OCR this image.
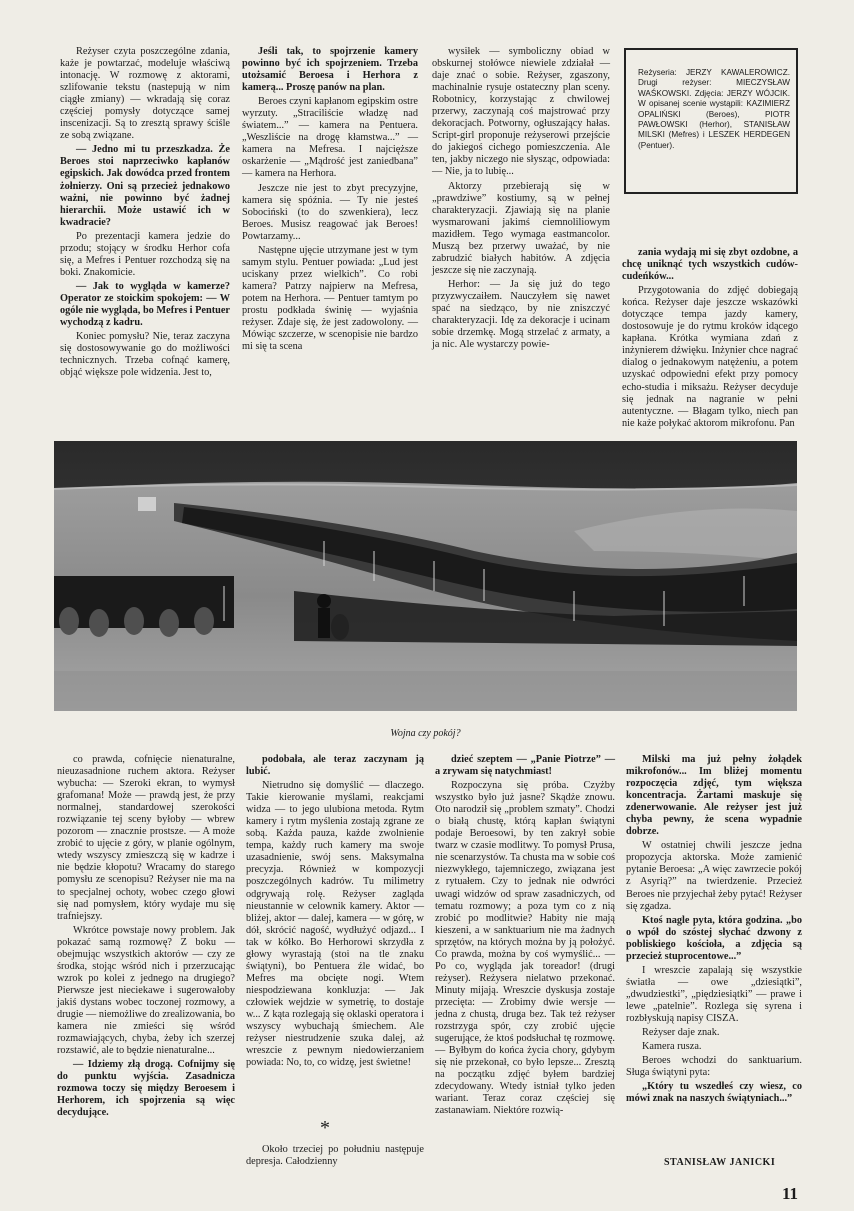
Reżyser czyta poszczególne zdania, każe je powtarzać, modeluje właściwą intonację. W rozmowę z aktorami, szlifowanie tekstu (nastepują w nim ciągłe zmiany) — wkradają się coraz częściej pomysły dotyczące samej inscenizacji. Są to zresztą sprawy ściśle ze sobą związane.

— Jedno mi tu przeszkadza. Że Beroes stoi naprzeciwko kapłanów egipskich. Jak dowódca przed frontem żołnierzy. Oni są przecież jednakowo ważni, nie powinno być żadnej hierarchii. Może ustawić ich w kwadracie?

Po prezentacji kamera jedzie do przodu; stojący w środku Herhor cofa się, a Mefres i Pentuer rozchodzą się na boki. Znakomicie.

— Jak to wygląda w kamerze? Operator ze stoickim spokojem: — W ogóle nie wygląda, bo Mefres i Pentuer wychodzą z kadru.

Koniec pomysłu? Nie, teraz zaczyna się dostosowywanie go do możliwości technicznych. Trzeba cofnąć kamerę, objąć większe pole widzenia. Jest to,

Jeśli tak, to spojrzenie kamery powinno być ich spojrzeniem. Trzeba utożsamić Beroesa i Herhora z kamerą... Proszę panów na plan.

Beroes czyni kapłanom egipskim ostre wyrzuty. „Straciliście władzę nad światem...” — kamera na Pentuera. „Weszliście na drogę kłamstwa...” — kamera na Mefresa. I najcięższe oskarżenie — „Mądrość jest zaniedbana” — kamera na Herhora.

Jeszcze nie jest to zbyt precyzyjne, kamera się spóźnia. — Ty nie jesteś Sobociński (to do szwenkiera), lecz Beroes. Musisz reagować jak Beroes! Powtarzamy...

Następne ujęcie utrzymane jest w tym samym stylu. Pentuer powiada: „Lud jest uciskany przez wielkich”. Co robi kamera? Patrzy najpierw na Mefresa, potem na Herhora. — Pentuer tamtym po prostu podkłada świnię — wyjaśnia reżyser. Zdaje się, że jest zadowolony. — Mówiąc szczerze, w scenopisie nie bardzo mi się ta scena

wysiłek — symboliczny obiad w obskurnej stołówce niewiele zdziałał — daje znać o sobie. Reżyser, zgaszony, machinalnie rysuje ostateczny plan sceny. Robotnicy, korzystając z chwilowej przerwy, zaczynają coś majstrować przy dekoracjach. Potworny, ogłuszający hałas. Script-girl proponuje reżyserowi przejście do jakiegoś cichego pomieszczenia. Ale ten, jakby niczego nie słysząc, odpowiada: — Nie, ja to lubię...

Aktorzy przebierają się w „prawdziwe” kostiumy, są w pełnej charakteryzacji. Zjawiają się na planie wysmarowani jakimś ciemnoliliowym mazidłem. Tego wymaga eastmancolor. Muszą bez przerwy uważać, by nie zabrudzić białych habitów. A zdjęcia jeszcze się nie zaczynają.

Herhor: — Ja się już do tego przyzwyczaiłem. Nauczyłem się nawet spać na siedząco, by nie zniszczyć charakteryzacji. Idę za dekoracje i ucinam sobie drzemkę. Mogą strzelać z armaty, a ja nic. Ale wystarczy powie-

Reżyseria: JERZY KAWALEROWICZ. Drugi reżyser: MIECZYSŁAW WAŚKOWSKI. Zdjęcia: JERZY WÓJCIK. W opisanej scenie wystąpili: KAZIMIERZ OPALIŃSKI (Beroes), PIOTR PAWŁOWSKI (Herhor), STANISŁAW MILSKI (Mefres) i LESZEK HERDEGEN (Pentuer).

zania wydają mi się zbyt ozdobne, a chcę uniknąć tych wszystkich cudów-cudeńków...

Przygotowania do zdjęć dobiegają końca. Reżyser daje jeszcze wskazówki dotyczące tempa jazdy kamery, dostosowuje je do rytmu kroków idącego kapłana. Krótka wymiana zdań z inżynierem dźwięku. Inżynier chce nagrać dialog o jednakowym natężeniu, a potem uzyskać odpowiedni efekt przy pomocy echo-studia i miksażu. Reżyser decyduje się jednak na nagranie w pełni autentyczne. — Błagam tylko, niech pan nie każe połykać aktorom mikrofonu. Pan

Wojna czy pokój?

co prawda, cofnięcie nienaturalne, nieuzasadnione ruchem aktora. Reżyser wybucha: — Szeroki ekran, to wymysł grafomana! Może — prawdą jest, że przy normalnej, standardowej szerokości rozwiązanie tej sceny byłoby — wbrew pozorom — znacznie prostsze. — A może zrobić to ujęcie z góry, w planie ogólnym, wtedy wszyscy zmieszczą się w kadrze i nie będzie kłopotu? Wracamy do starego pomysłu ze scenopisu? Reżyser nie ma na to specjalnej ochoty, wobec czego głowi się nad pomysłem, który wydaje mu się trafniejszy.

Wkrótce powstaje nowy problem. Jak pokazać samą rozmowę? Z boku — obejmując wszystkich aktorów — czy ze środka, stojąc wśród nich i przerzucając wzrok po kolei z jednego na drugiego? Pierwsze jest nieciekawe i sugerowałoby jakiś dystans wobec toczonej rozmowy, a drugie — niemożliwe do zrealizowania, bo kamera nie zmieści się wśród rozmawiających, chyba, żeby ich szerzej rozstawić, ale to będzie nienaturalne...

— Idziemy złą drogą. Cofnijmy się do punktu wyjścia. Zasadnicza rozmowa toczy się między Beroesem i Herhorem, ich spojrzenia są więc decydujące.

podobała, ale teraz zaczynam ją lubić.

Nietrudno się domyślić — dlaczego. Takie kierowanie myślami, reakcjami widza — to jego ulubiona metoda. Rytm kamery i rytm myślenia zostają zgrane ze sobą. Każda pauza, każde zwolnienie tempa, każdy ruch kamery ma swoje uzasadnienie, swój sens. Maksymalna precyzja. Również w kompozycji poszczególnych kadrów. Tu milimetry odgrywają rolę. Reżyser zagląda nieustannie w celownik kamery. Aktor — bliżej, aktor — dalej, kamera — w górę, w dół, skrócić nagość, wydłużyć odjazd... I tak w kółko. Bo Herhorowi skrzydła z głowy wyrastają (stoi na tle znaku świątyni), bo Pentuera źle widać, bo Mefres ma obcięte nogi. Wtem niespodziewana konkluzja: — Jak człowiek wejdzie w symetrię, to dostaje w... Z kąta rozlegają się oklaski operatora i wszyscy wybuchają śmiechem. Ale reżyser niestrudzenie szuka dalej, aż wreszcie z pewnym niedowierzaniem powiada: No, to, co widzę, jest świetne!

*

Około trzeciej po południu następuje depresja. Całodzienny

dzieć szeptem — „Panie Piotrze” — a zrywam się natychmiast!

Rozpoczyna się próba. Czyżby wszystko było już jasne? Skądże znowu. Oto narodził się „problem szmaty”. Chodzi o białą chustę, którą kapłan świątyni podaje Beroesowi, by ten zakrył sobie twarz w czasie modlitwy. To pomysł Prusa, nie scenarzystów. Ta chusta ma w sobie coś niezwykłego, tajemniczego, związana jest z rytuałem. Czy to jednak nie odwróci uwagi widzów od spraw zasadniczych, od tematu rozmowy; a poza tym co z nią zrobić po modlitwie? Habity nie mają kieszeni, a w sanktuarium nie ma żadnych sprzętów, na których można by ją położyć. Co prawda, można by coś wymyślić... — Po co, wygląda jak toreador! (drugi reżyser). Reżysera nielatwo przekonać. Minuty mijają. Wreszcie dyskusja zostaje przecięta: — Zrobimy dwie wersje — jedna z chustą, druga bez. Tak też reżyser rozstrzyga spór, czy zrobić ujęcie sugerujące, że ktoś podsłuchał tę rozmowę. — Byłbym do końca życia chory, gdybym się nie przekonał, co było lepsze... Zresztą na początku zdjęć byłem bardziej zdecydowany. Wtedy istniał tylko jeden wariant. Teraz coraz częściej się zastanawiam. Niektóre rozwią-

Milski ma już pełny żołądek mikrofonów... Im bliżej momentu rozpoczęcia zdjęć, tym większa koncentracja. Żartami maskuje się zdenerwowanie. Ale reżyser jest już chyba pewny, że scena wypadnie dobrze.

W ostatniej chwili jeszcze jedna propozycja aktorska. Może zamienić pytanie Beroesa: „A więc zawrzecie pokój z Asyrią?” na twierdzenie. Przecież Beroes nie przyjechał żeby pytać! Reżyser się zgadza.

Ktoś nagle pyta, która godzina. „bo o wpół do szóstej słychać dzwony z pobliskiego kościoła, a zdjęcia są przecież stuprocentowe...”

I wreszcie zapalają się wszystkie światła — owe „dziesiątki”, „dwudziestki”, „piędziesiątki” — prawe i lewe „patelnie”. Rozlega się syrena i rozbłyskują napisy CISZA.

Reżyser daje znak.

Kamera rusza.

Beroes wchodzi do sanktuarium. Sługa świątyni pyta:

„Który tu wszedłeś czy wiesz, co mówi znak na naszych świątyniach...”

STANISŁAW JANICKI
11
